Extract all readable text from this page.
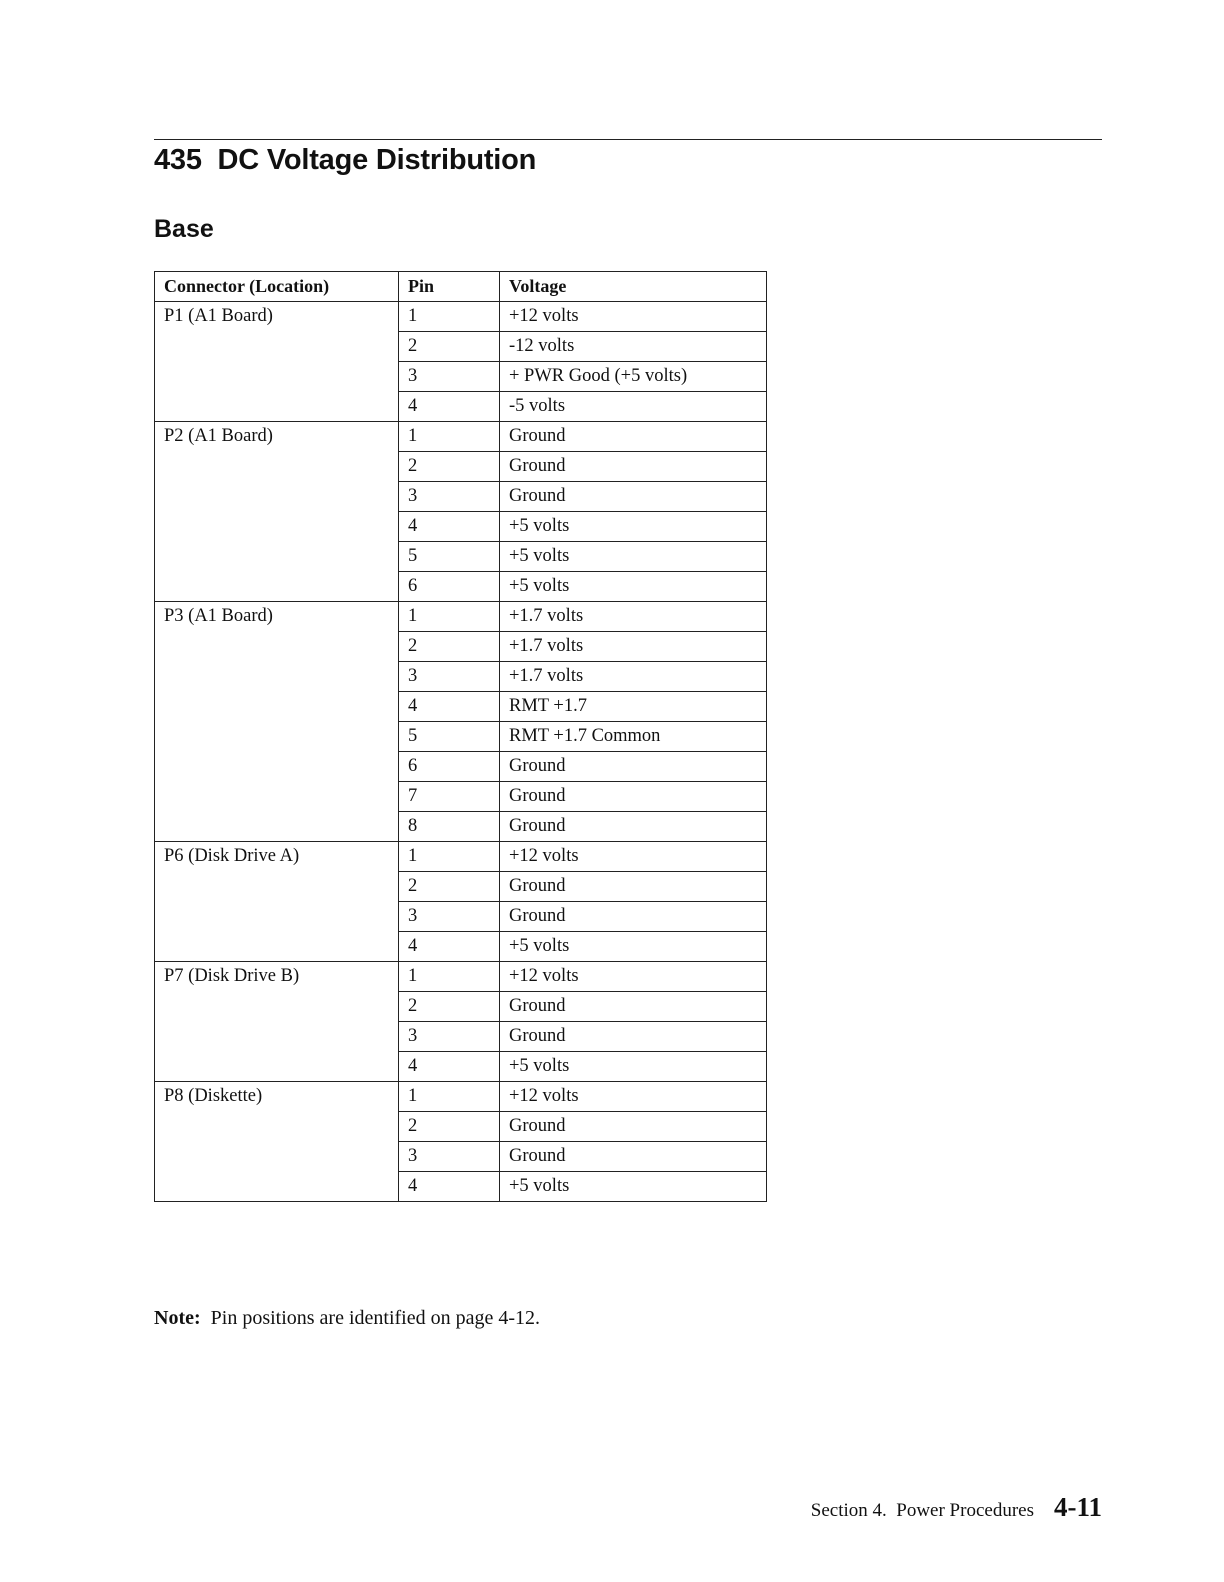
435  DC Voltage Distribution
Base
Connector (Location)	Pin	Voltage
P1 (A1 Board)	1	+12 volts
	2	-12 volts
	3	+ PWR Good (+5 volts)
	4	-5 volts
P2 (A1 Board)	1	Ground
	2	Ground
	3	Ground
	4	+5 volts
	5	+5 volts
	6	+5 volts
P3 (A1 Board)	1	+1.7 volts
	2	+1.7 volts
	3	+1.7 volts
	4	RMT +1.7
	5	RMT +1.7 Common
	6	Ground
	7	Ground
	8	Ground
P6 (Disk Drive A)	1	+12 volts
	2	Ground
	3	Ground
	4	+5 volts
P7 (Disk Drive B)	1	+12 volts
	2	Ground
	3	Ground
	4	+5 volts
P8 (Diskette)	1	+12 volts
	2	Ground
	3	Ground
	4	+5 volts
Note: Pin positions are identified on page 4-12.
Section 4.  Power Procedures 4-11
